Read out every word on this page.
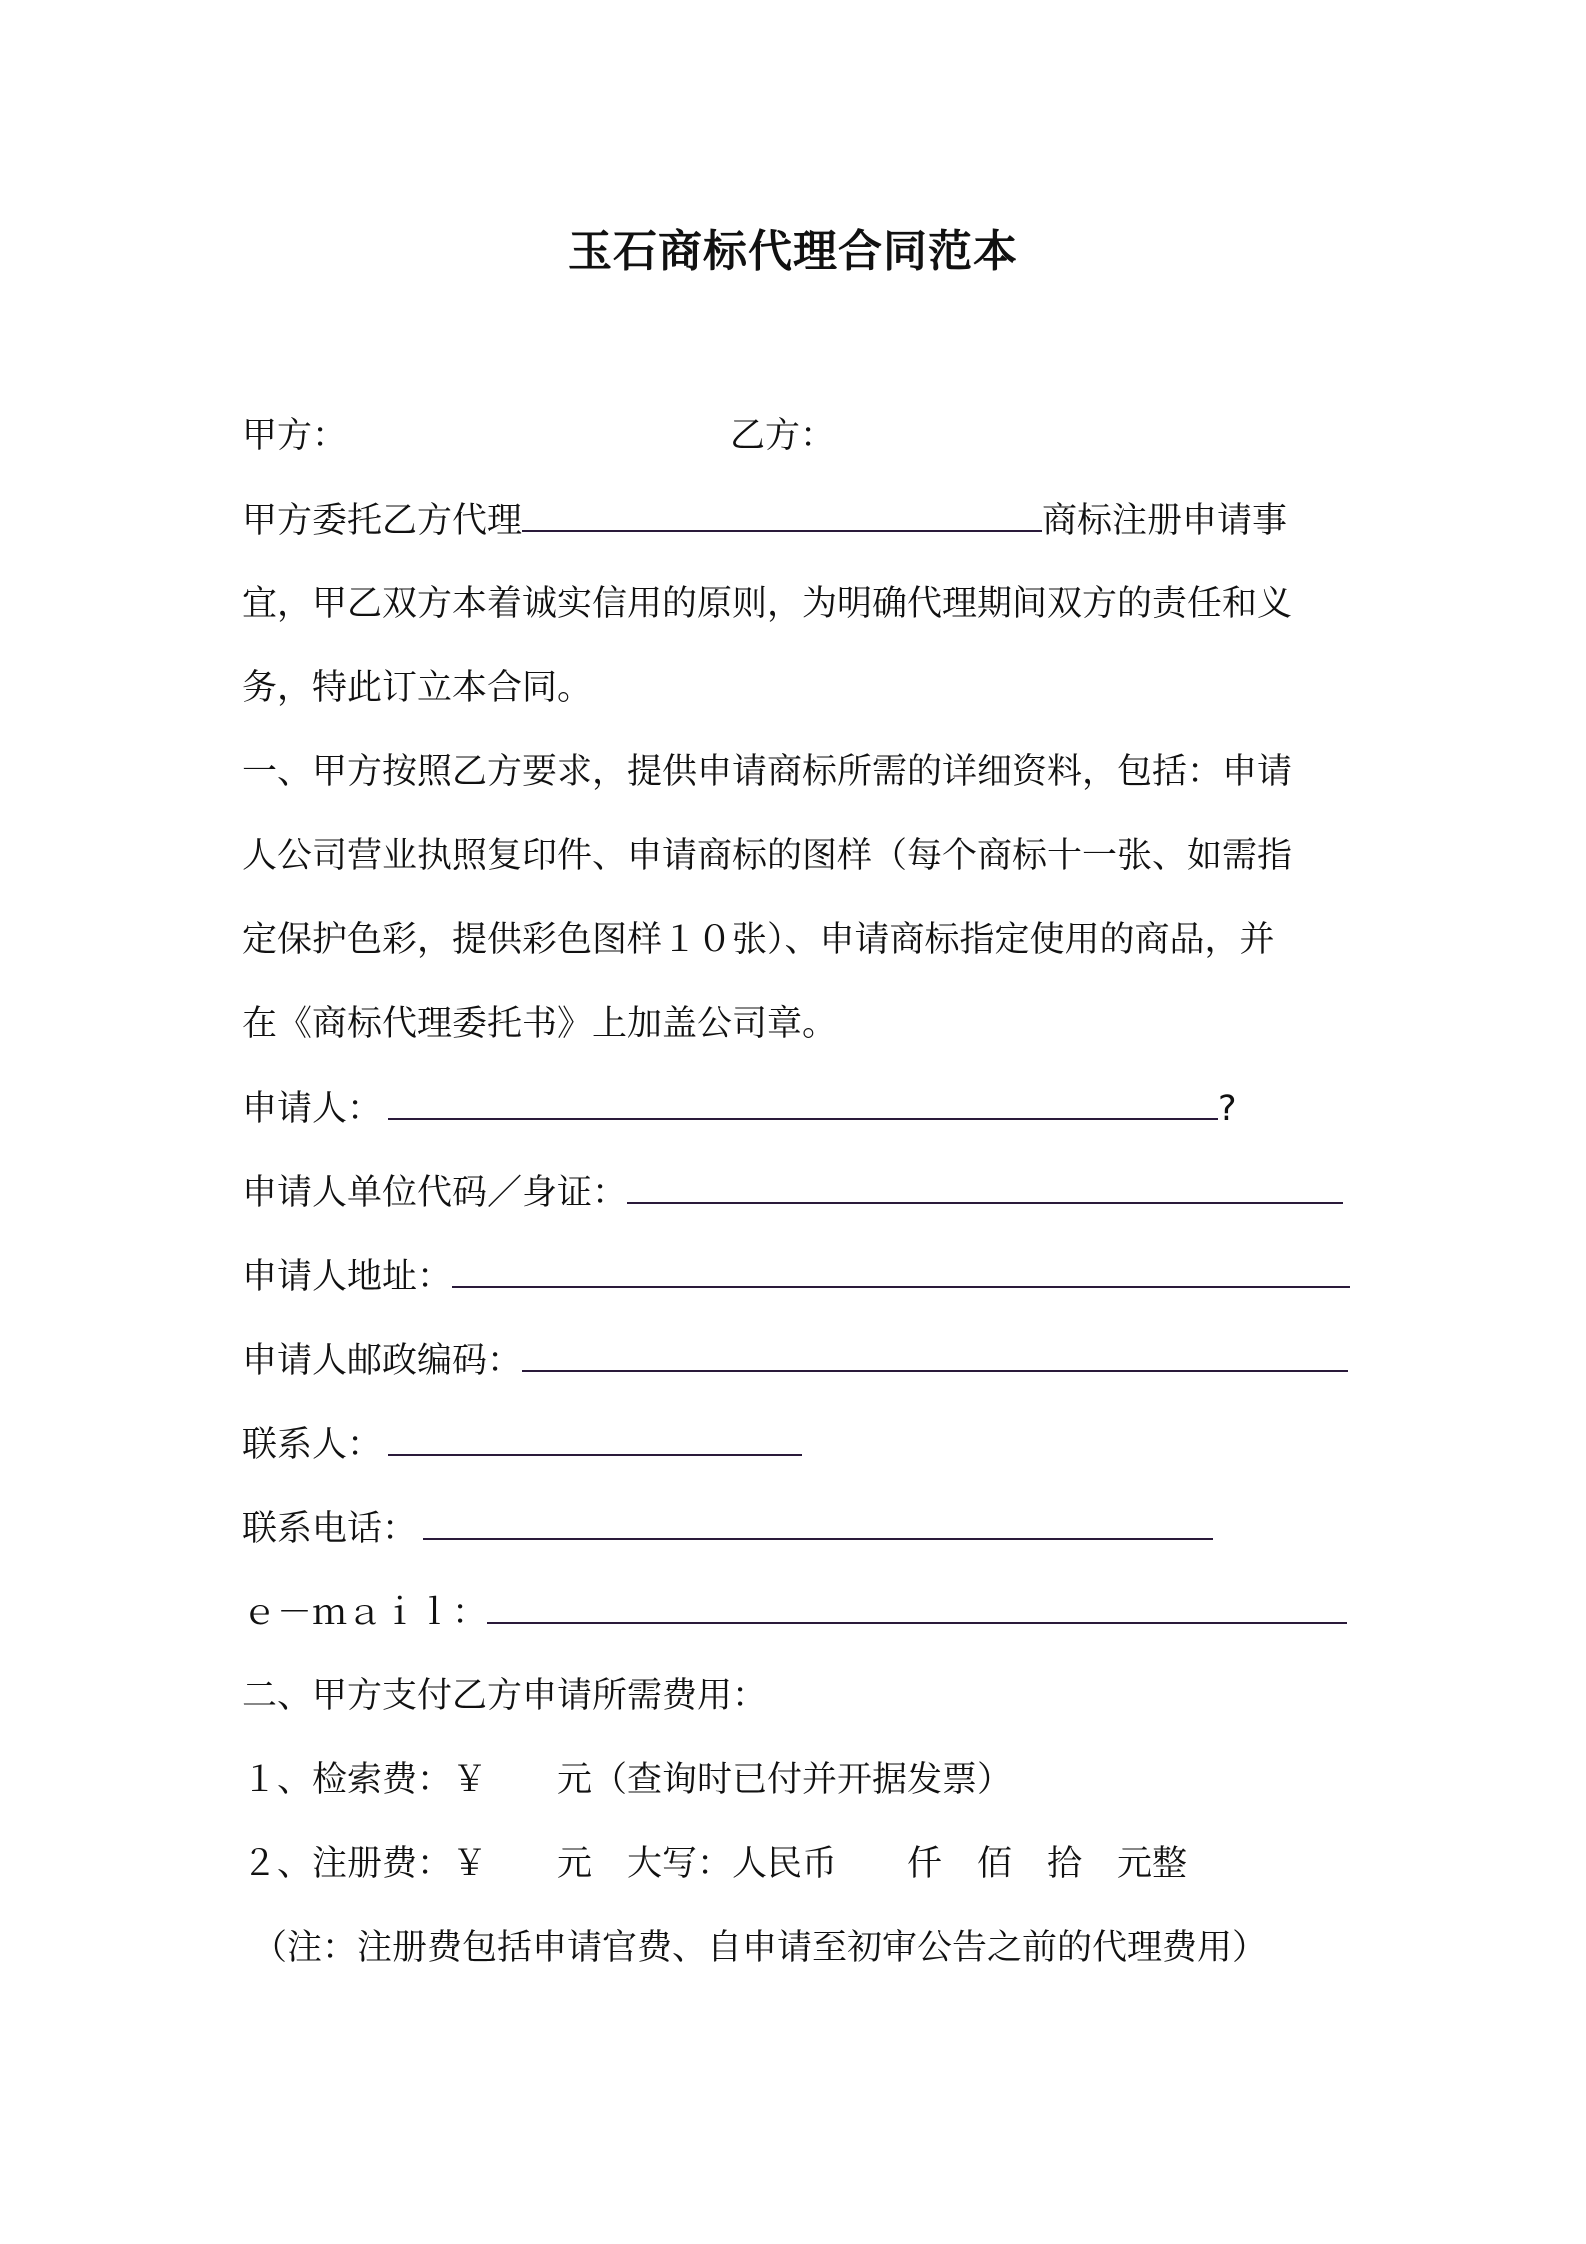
玉石商标代理合同范本
甲方：	乙方：
甲方委托乙方代理	商标注册申请事
宜，甲乙双方本着诚实信用的原则，为明确代理期间双方的责任和义
务，特此订立本合同。
一、甲方按照乙方要求，提供申请商标所需的详细资料，包括：申请
人公司营业执照复印件、申请商标的图样（每个商标十一张、如需指
定保护色彩，提供彩色图样１０张）、申请商标指定使用的商品，并
在《商标代理委托书》上加盖公司章。
申请人：	?
申请人单位代码／身证：
申请人地址：
申请人邮政编码：
联系人：
联系电话：
ｅ－ｍａｉｌ：
二、甲方支付乙方申请所需费用：
１、检索费：￥　　元（查询时已付并开据发票）
２、注册费：￥　　元　大写：人民币　　仟　佰　拾　元整
（注：注册费包括申请官费、自申请至初审公告之前的代理费用）
